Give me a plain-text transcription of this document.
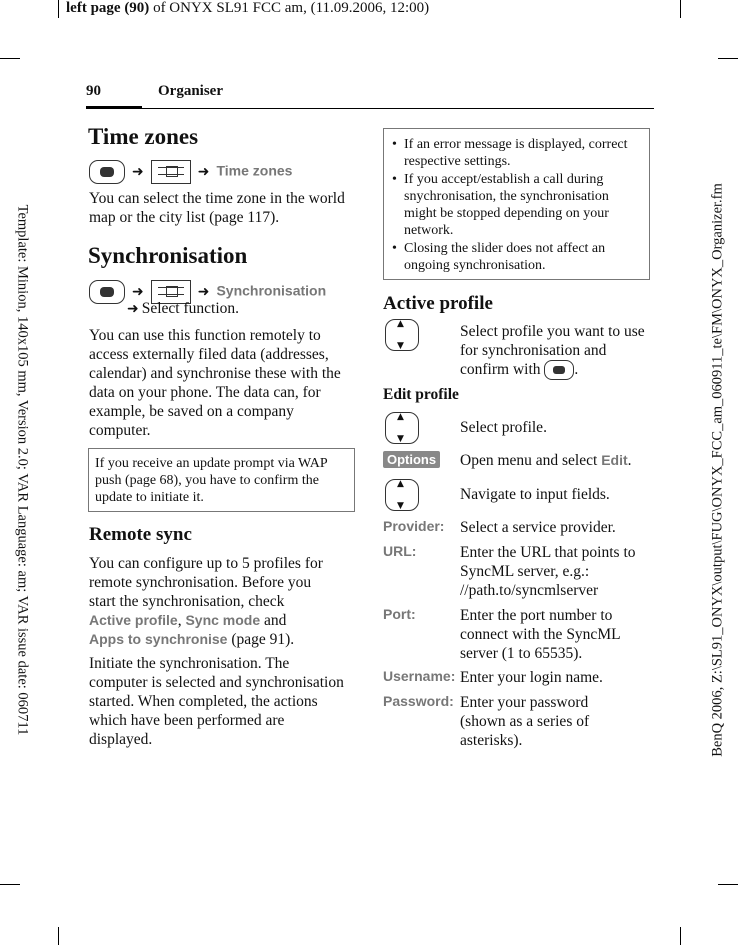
left page (90) of ONYX SL91 FCC am, (11.09.2006, 12:00)
Template: Minion, 140x105 mm, Version 2.0; VAR Language: am; VAR issue date: 060711	BenQ 2006, Z:\SL91_ONYX\output\FUG\ONYX_FCC_am_060911_te\FM\ONYX_Organizer.fm
90	Organiser
Time zones
➜	➜ Time zones

You can select the time zone in the world map or the city list (page 117).

Synchronisation
➜	➜ Synchronisation
➜ Select function.

You can use this function remotely to access externally filed data (addresses, calendar) and synchronise these with the data on your phone. The data can, for example, be saved on a company computer.

If you receive an update prompt via WAP push (page 68), you have to confirm the update to initiate it.

Remote sync

You can configure up to 5 profiles for remote synchronisation. Before you start the synchronisation, check
Active profile, Sync mode and
Apps to synchronise (page 91).

Initiate the synchronisation. The computer is selected and synchronisation started. When completed, the actions which have been performed are displayed.

• If an error message is displayed, correct respective settings.
• If you accept/establish a call during snychronisation, the synchronisation might be stopped depending on your network.
• Closing the slider does not affect an ongoing synchronisation.
Active profile
▲ ▼

Select profile you want to use for synchronisation and confirm with .

Edit profile
▲ ▼

Select profile.

Options Open menu and select Edit.

▲ ▼

Navigate to input fields.

Provider: Select a service provider.

URL:	Enter the URL that points to SyncML server, e.g.: //path.to/syncmlserver

Port:	Enter the port number to connect with the SyncML server (1 to 65535).

Username: Enter your login name.

Password: Enter your password (shown as a series of asterisks).
